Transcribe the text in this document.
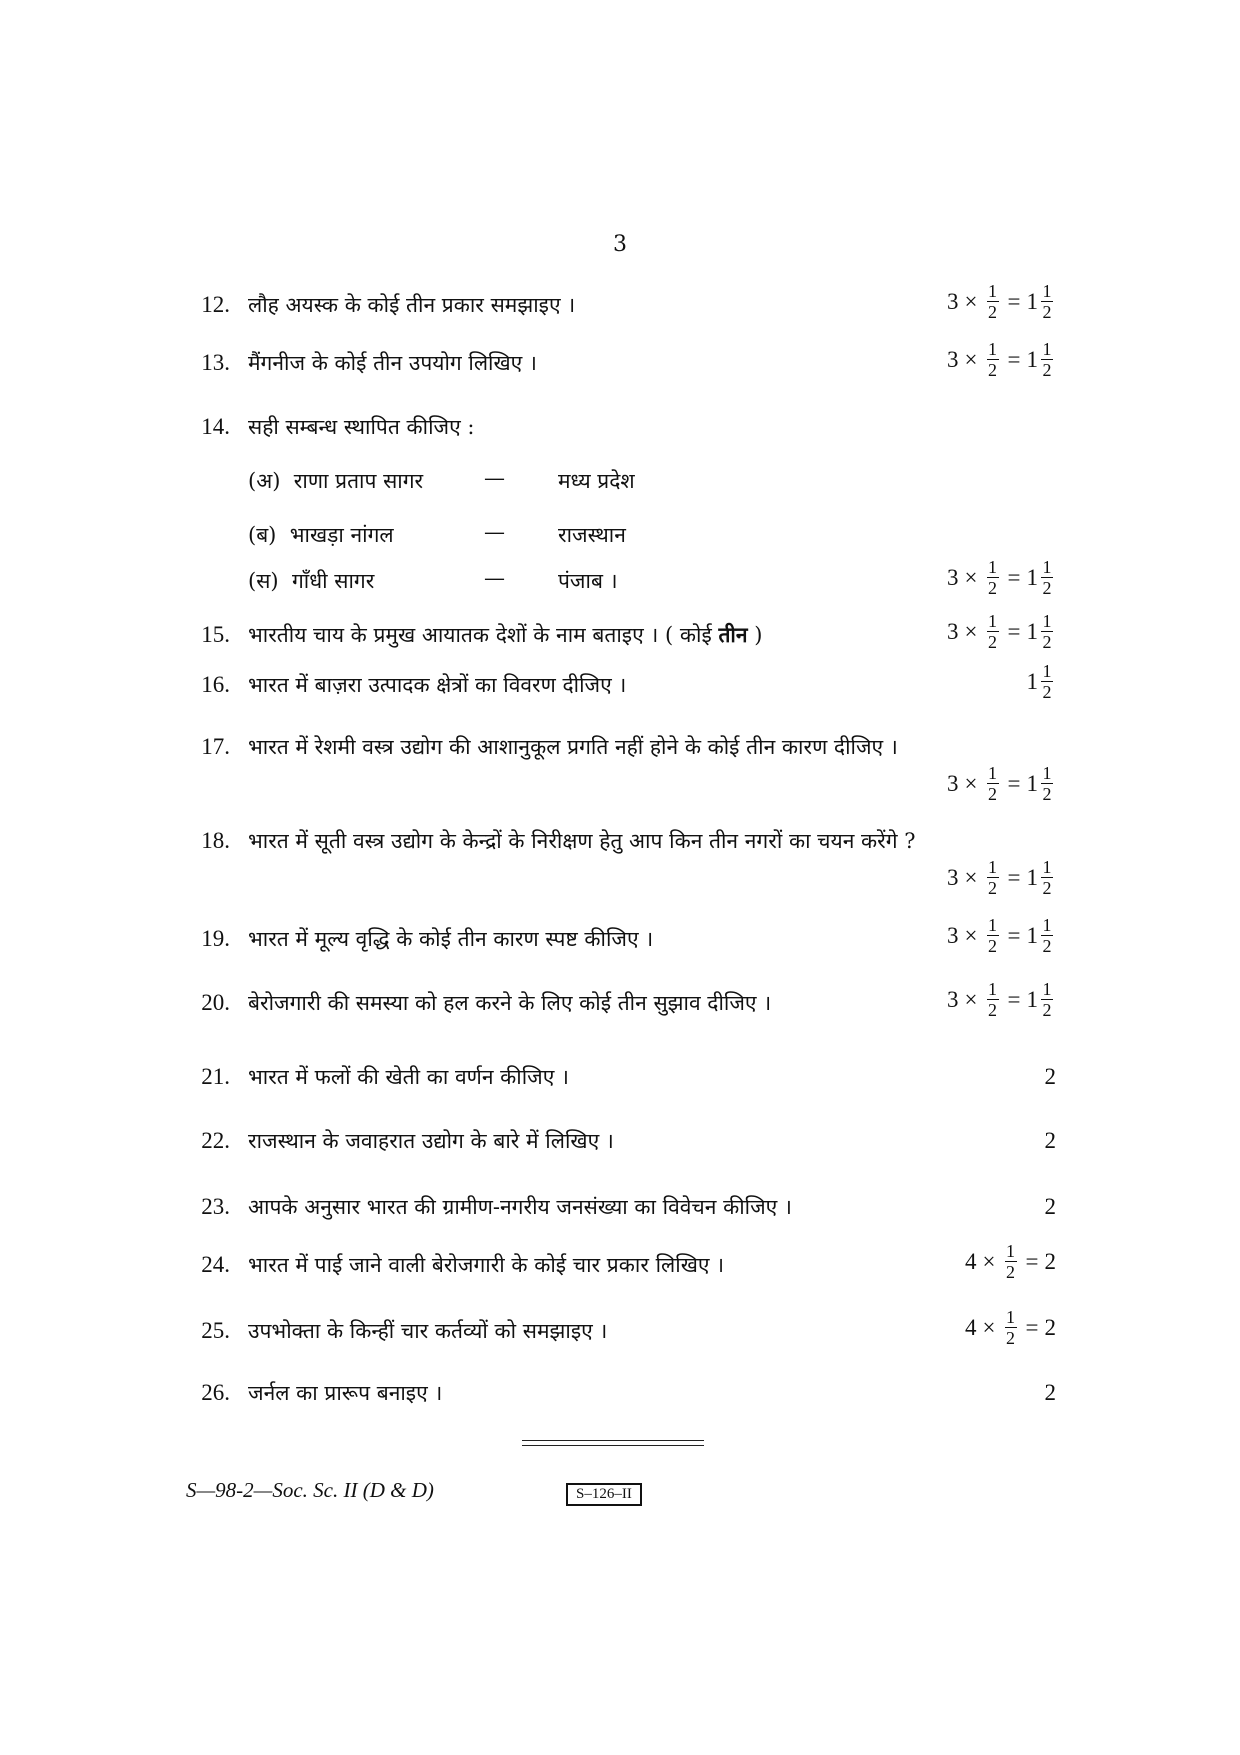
3
12. लौह अयस्क के कोई तीन प्रकार समझाइए ।	$3 \times \frac{1}{2} = 1 \frac{1}{2}$
13. मैंगनीज के कोई तीन उपयोग लिखिए ।	$3 \times \frac{1}{2} = 1 \frac{1}{2}$
14. सही सम्बन्ध स्थापित कीजिए :
(अ) राणा प्रताप सागर	—	मध्य प्रदेश
(ब) भाखड़ा नांगल	—	राजस्थान
(स) गाँधी सागर	—	पंजाब ।	$3 \times \frac{1}{2} = 1 \frac{1}{2}$
15. भारतीय चाय के प्रमुख आयातक देशों के नाम बताइए । ( कोई तीन )	$3 \times \frac{1}{2} = 1 \frac{1}{2}$
16. भारत में बाज़रा उत्पादक क्षेत्रों का विवरण दीजिए ।	$1 \frac{1}{2}$
17. भारत में रेशमी वस्त्र उद्योग की आशानुकूल प्रगति नहीं होने के कोई तीन कारण दीजिए ।
$3 \times \frac{1}{2} = 1 \frac{1}{2}$
18. भारत में सूती वस्त्र उद्योग के केन्द्रों के निरीक्षण हेतु आप किन तीन नगरों का चयन करेंगे ?
$3 \times \frac{1}{2} = 1 \frac{1}{2}$
19. भारत में मूल्य वृद्धि के कोई तीन कारण स्पष्ट कीजिए ।	$3 \times \frac{1}{2} = 1 \frac{1}{2}$
20. बेरोजगारी की समस्या को हल करने के लिए कोई तीन सुझाव दीजिए ।	$3 \times \frac{1}{2} = 1 \frac{1}{2}$
21. भारत में फलों की खेती का वर्णन कीजिए ।	2
22. राजस्थान के जवाहरात उद्योग के बारे में लिखिए ।	2
23. आपके अनुसार भारत की ग्रामीण-नगरीय जनसंख्या का विवेचन कीजिए ।	2
24. भारत में पाई जाने वाली बेरोजगारी के कोई चार प्रकार लिखिए ।	$4 \times \frac{1}{2} = 2$
25. उपभोक्ता के किन्हीं चार कर्तव्यों को समझाइए ।	$4 \times \frac{1}{2} = 2$
26. जर्नल का प्रारूप बनाइए ।	2
S—98-2—Soc. Sc. II (D & D)	S–126–II
